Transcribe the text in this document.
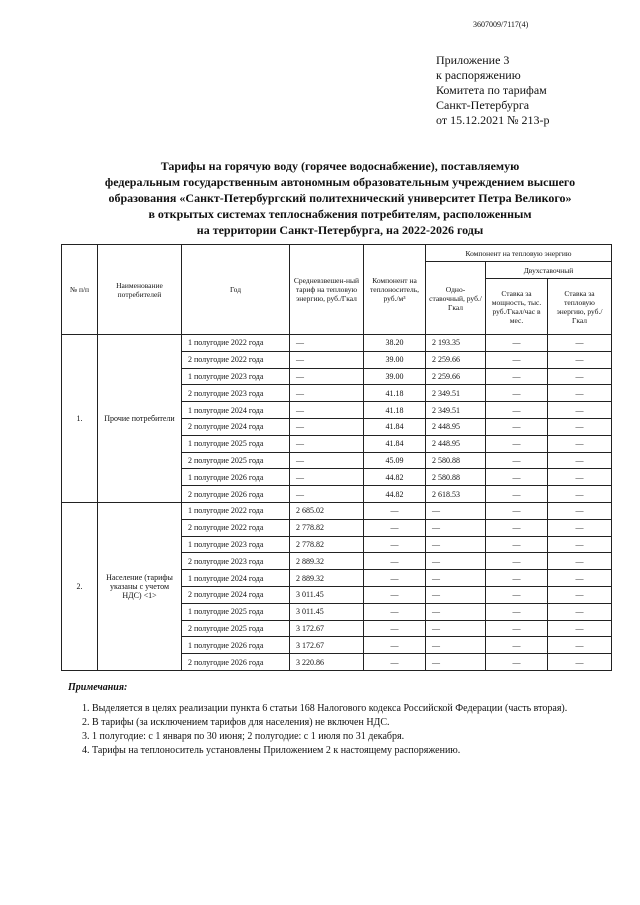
3607009/7117(4)
Приложение 3
к распоряжению
Комитета по тарифам
Санкт-Петербурга
от 15.12.2021 № 213-р
Тарифы на горячую воду (горячее водоснабжение), поставляемую
федеральным государственным автономным образовательным учреждением высшего
образования «Санкт-Петербургский политехнический университет Петра Великого»
в открытых системах теплоснабжения потребителям, расположенным
на территории Санкт-Петербурга, на 2022-2026 годы
№ п/п	Наименование потребителей	Год	Средневзвешен-ный тариф на тепловую энергию, руб./Гкал	Компонент на теплоноситель, руб./м³	Компонент на тепловую энергию		
					Одно-ставочный, руб./Гкал	Двухставочный	
						Ставка за мощность, тыс. руб./Гкал/час в мес.	Ставка за тепловую энергию, руб./Гкал
1.	Прочие потребители	1 полугодие 2022 года	—	38.20	2 193.35	—	—
		2 полугодие 2022 года	—	39.00	2 259.66	—	—
		1 полугодие 2023 года	—	39.00	2 259.66	—	—
		2 полугодие 2023 года	—	41.18	2 349.51	—	—
		1 полугодие 2024 года	—	41.18	2 349.51	—	—
		2 полугодие 2024 года	—	41.84	2 448.95	—	—
		1 полугодие 2025 года	—	41.84	2 448.95	—	—
		2 полугодие 2025 года	—	45.09	2 580.88	—	—
		1 полугодие 2026 года	—	44.82	2 580.88	—	—
		2 полугодие 2026 года	—	44.82	2 618.53	—	—
2.	Население (тарифы указаны с учетом НДС) <1>	1 полугодие 2022 года	2 685.02	—	—	—	—
		2 полугодие 2022 года	2 778.82	—	—	—	—
		1 полугодие 2023 года	2 778.82	—	—	—	—
		2 полугодие 2023 года	2 889.32	—	—	—	—
		1 полугодие 2024 года	2 889.32	—	—	—	—
		2 полугодие 2024 года	3 011.45	—	—	—	—
		1 полугодие 2025 года	3 011.45	—	—	—	—
		2 полугодие 2025 года	3 172.67	—	—	—	—
		1 полугодие 2026 года	3 172.67	—	—	—	—
		2 полугодие 2026 года	3 220.86	—	—	—	—
Примечания:
1. Выделяется в целях реализации пункта 6 статьи 168 Налогового кодекса Российской Федерации (часть вторая).
2. В тарифы (за исключением тарифов для населения) не включен НДС.
3. 1 полугодие: с 1 января по 30 июня; 2 полугодие: с 1 июля по 31 декабря.
4. Тарифы на теплоноситель установлены Приложением 2 к настоящему распоряжению.
